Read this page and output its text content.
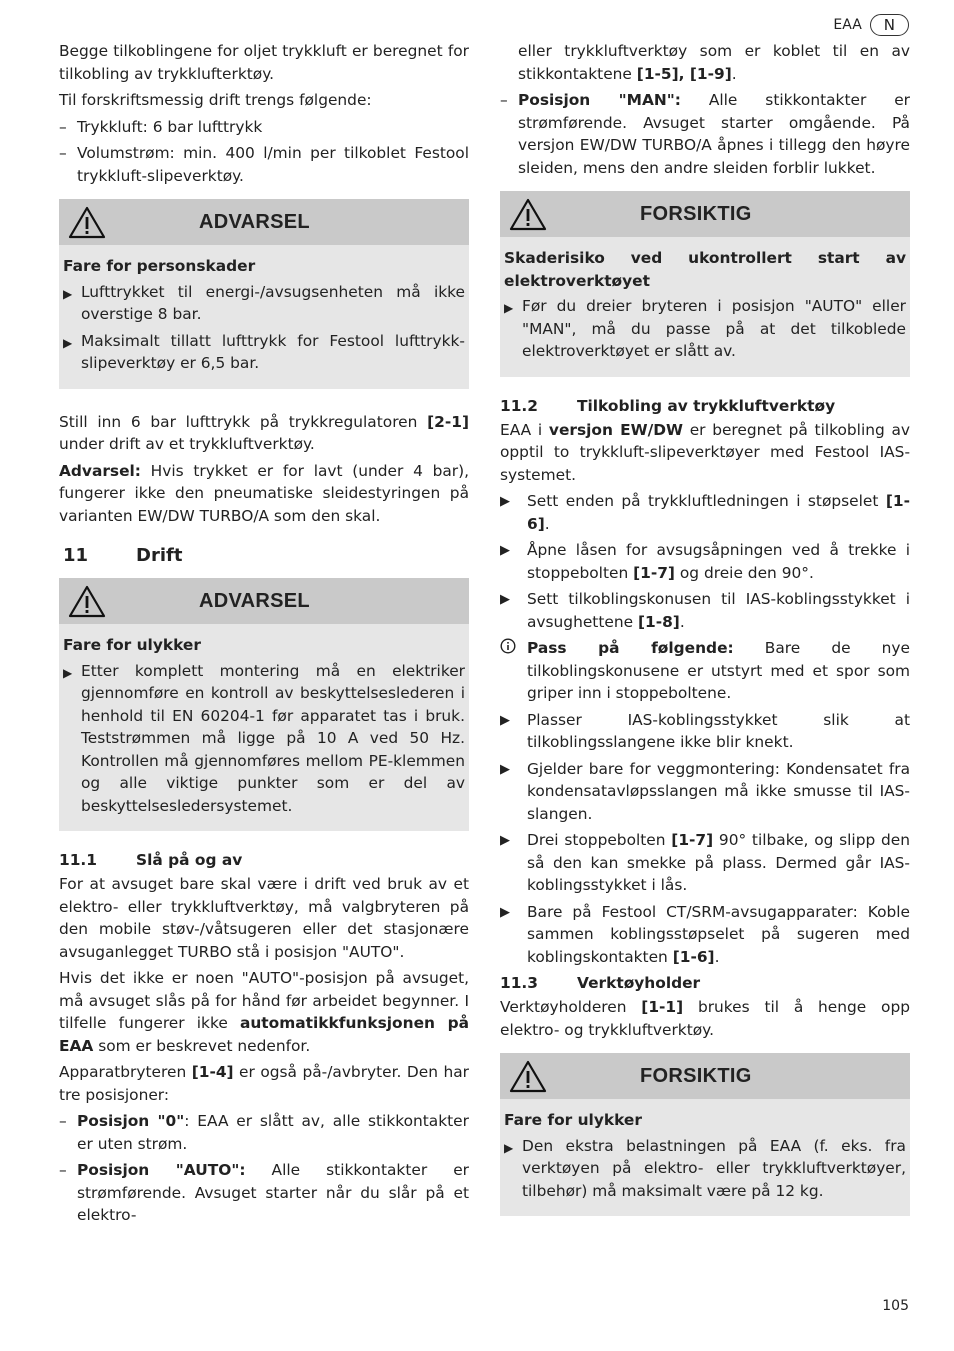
EAA	N

Begge tilkoblingene for oljet trykkluft er beregnet for tilkobling av trykklufterktøy.

Til forskriftsmessig drift trengs følgende:

– Trykkluft: 6 bar lufttrykk
– Volumstrøm: min. 400 l/min per tilkoblet Festool trykkluft-slipeverktøy.
ADVARSEL
Fare for personskader
▶ Lufttrykket til energi-/avsugsenheten må ikke overstige 8 bar.
▶ Maksimalt tillatt lufttrykk for Festool lufttrykk-slipeverktøy er 6,5 bar.

Still inn 6 bar lufttrykk på trykkregulatoren [2-1] under drift av et trykkluftverktøy.

Advarsel: Hvis trykket er for lavt (under 4 bar), fungerer ikke den pneumatiske sleidestyringen på varianten EW/DW TURBO/A som den skal.

11	Drift
ADVARSEL
Fare for ulykker
▶ Etter komplett montering må en elektriker gjennomføre en kontroll av beskyttelseslederen i henhold til EN 60204-1 før apparatet tas i bruk. Teststrømmen må ligge på 10 A ved 50 Hz. Kontrollen må gjennomføres mellom PE-klemmen og alle viktige punkter som er del av beskyttelsesledersystemet.
11.1	Slå på og av

For at avsuget bare skal være i drift ved bruk av et elektro- eller trykkluftverktøy, må valgbryteren på den mobile støv-/våtsugeren eller det stasjonære avsuganlegget TURBO stå i posisjon "AUTO".

Hvis det ikke er noen "AUTO"-posisjon på avsuget, må avsuget slås på for hånd før arbeidet begynner. I tilfelle fungerer ikke automatikkfunksjonen på EAA som er beskrevet nedenfor.

Apparatbryteren [1-4] er også på-/avbryter. Den har tre posisjoner:

– Posisjon "0": EAA er slått av, alle stikkontakter er uten strøm.
– Posisjon "AUTO": Alle stikkontakter er strømførende. Avsuget starter når du slår på et elektro-
eller trykkluftverktøy som er koblet til en av stikkontaktene [1-5], [1-9].
– Posisjon "MAN": Alle stikkontakter er strømførende. Avsuget starter omgående. På versjon EW/DW TURBO/A åpnes i tillegg den høyre sleiden, mens den andre sleiden forblir lukket.
FORSIKTIG
Skaderisiko ved ukontrollert start av elektroverktøyet
▶ Før du dreier bryteren i posisjon "AUTO" eller "MAN", må du passe på at det tilkoblede elektroverktøyet er slått av.
11.2	Tilkobling av trykkluftverktøy

EAA i versjon EW/DW er beregnet på tilkobling av opptil to trykkluft-slipeverktøyer med Festool IAS-systemet.

▶	Sett enden på trykkluftledningen i støpselet [1-6].
▶	Åpne låsen for avsugsåpningen ved å trekke i stoppebolten [1-7] og dreie den 90°.
▶	Sett tilkoblingskonusen til IAS-koblingsstykket i avsughettene [1-8].
Pass på følgende: Bare de nye tilkoblingskonusene er utstyrt med et spor som griper inn i stoppeboltene.
▶	Plasser IAS-koblingsstykket slik at tilkoblingsslangene ikke blir knekt.
▶	Gjelder bare for veggmontering: Kondensatet fra kondensatavløpsslangen må ikke smusse til IAS-slangen.
▶	Drei stoppebolten [1-7] 90° tilbake, og slipp den så den kan smekke på plass. Dermed går IAS-koblingsstykket i lås.
▶	Bare på Festool CT/SRM-avsugapparater: Koble sammen koblingsstøpselet på sugeren med koblingskontakten [1-6].
11.3	Verktøyholder

Verktøyholderen [1-1] brukes til å henge opp elektro- og trykkluftverktøy.

FORSIKTIG
Fare for ulykker
▶ Den ekstra belastningen på EAA (f. eks. fra verktøyen på elektro- eller trykkluftverktøyer, tilbehør) må maksimalt være på 12 kg.
105
